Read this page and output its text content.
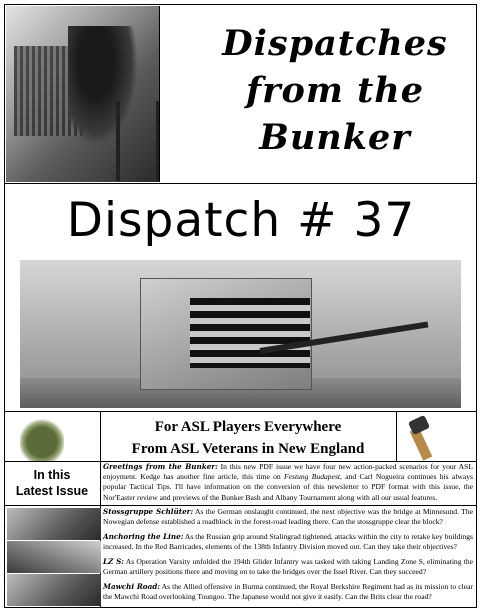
Dispatches
from the
Bunker
Dispatch # 37
For ASL Players Everywhere
From ASL Veterans in New England
In this
Latest Issue
Greetings from the Bunker: In this new PDF issue we have four new action-packed scenarios for your ASL enjoyment. Kedge has another fine article, this time on Festung Budapest, and Carl Nogueira continues his always popular Tactical Tips. I'll have information on the conversion of this newsletter to PDF format with this issue, the Nor'Easter review and previews of the Bunker Bash and Albany Tournament along with all our usual features.
Stossgruppe Schlüter: As the German onslaught continued, the next objective was the bridge at Minnesund. The Nowegian defense established a roadblock in the forest-road leading there. Can the stossgruppe clear the block?
Anchoring the Line: As the Russian grip around Stalingrad tightened, attacks within the city to retake key buildings increased. In the Red Barricades, elements of the 138th Infantry Division moved out. Can they take their objectives?
LZ S: As Operation Varsity unfolded the 194th Glider Infantry was tasked with taking Landing Zone S, eliminating the German artillery positions there and moving on to take the bridges over the Issel River. Can they succeed?
Mawchi Road: As the Allied offensive in Burma continued, the Royal Berkshire Regiment had as its mission to clear the Mawchi Road overlooking Toungoo. The Japanese would not give it easily. Can the Brits clear the road?
